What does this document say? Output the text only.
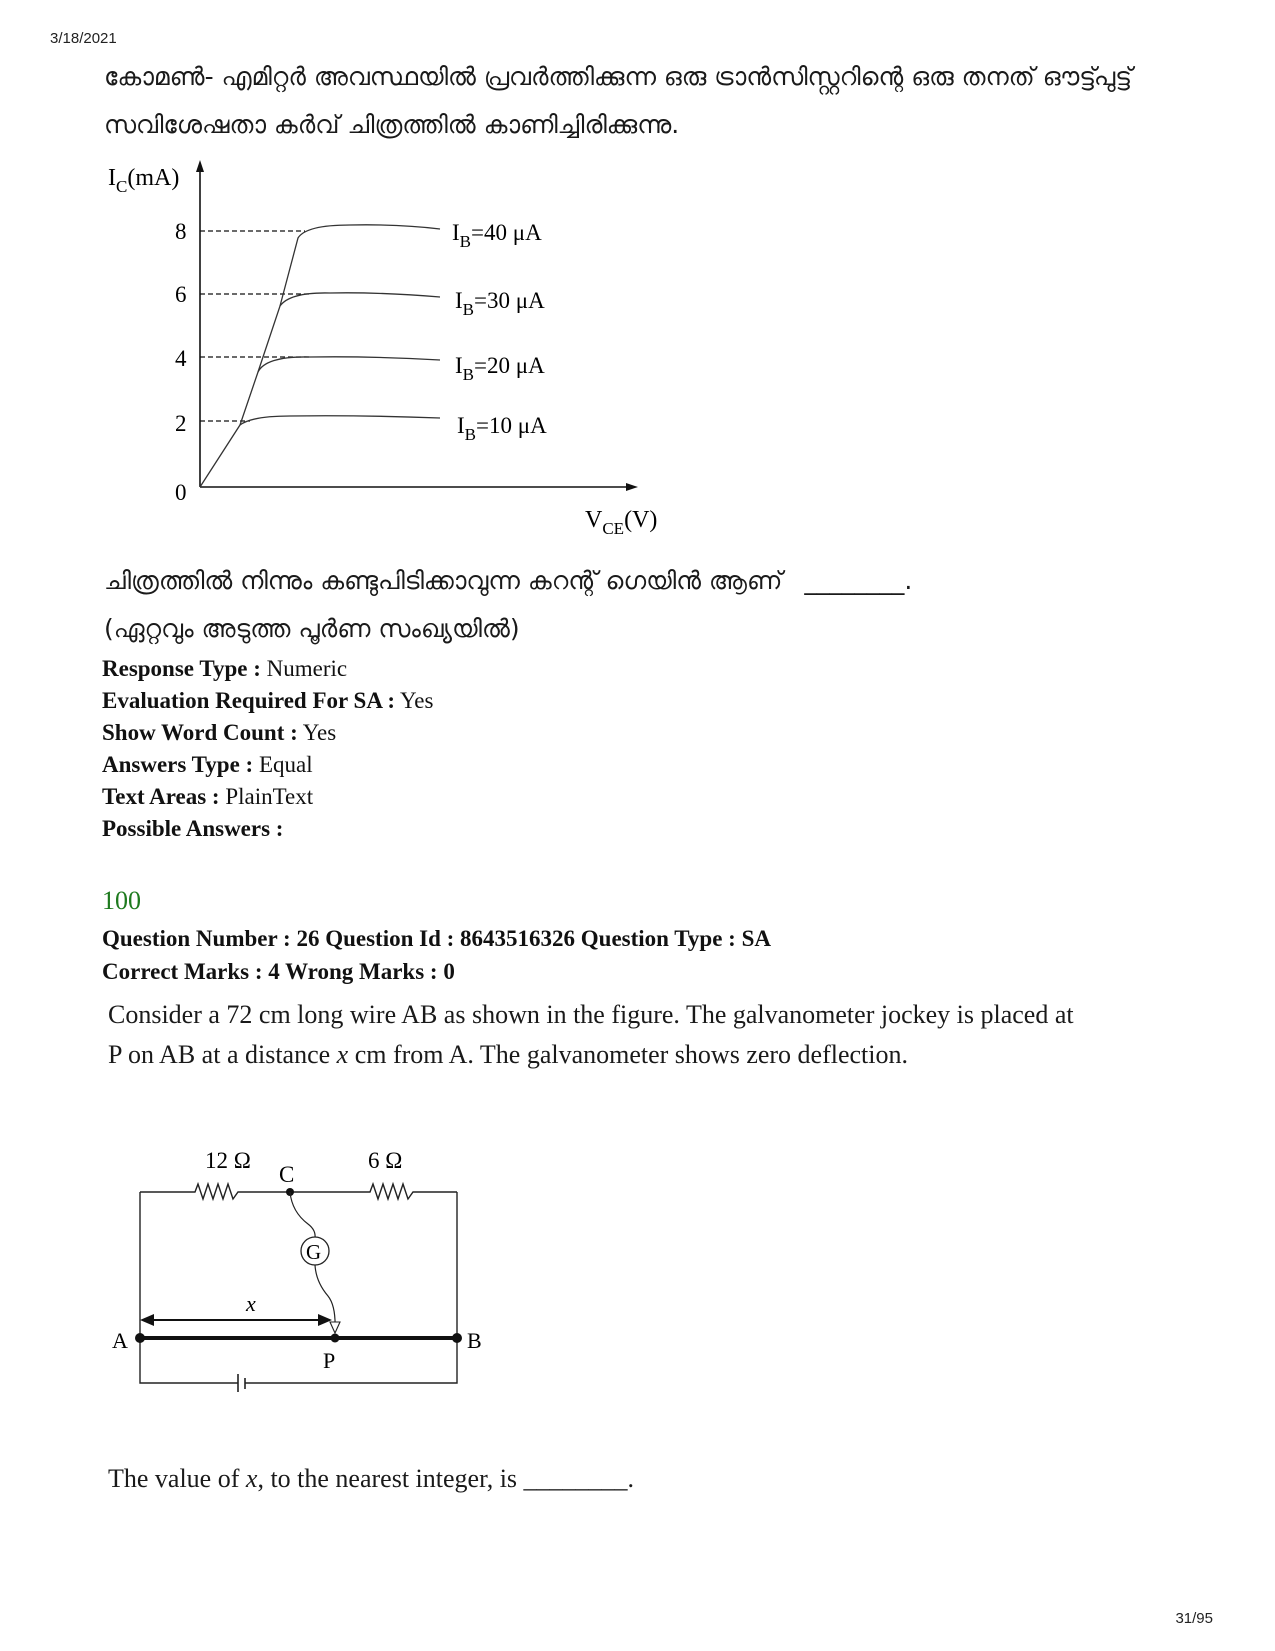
3/18/2021
കോമൺ- എമിറ്റർ അവസ്ഥയിൽ പ്രവർത്തിക്കുന്ന ഒരു ട്രാൻസിസ്റ്ററിന്റെ ഒരു തനത് ഔട്ട്പുട്ട്
സവിശേഷതാ കർവ് ചിത്രത്തിൽ കാണിച്ചിരിക്കുന്നു.
$I_C(mA)$
$V_{CE}(V)$
8
6
4
2
0
$I_B=40$ μA
$I_B=30$ μA
$I_B=20$ μA
$I_B=10$ μA
ചിത്രത്തിൽ നിന്നും കണ്ടുപിടിക്കാവുന്ന കറന്റ് ഗെയിൻ ആണ് ________.
(ഏറ്റവും അടുത്ത പൂർണ സംഖ്യയിൽ)
Response Type : Numeric
Evaluation Required For SA : Yes
Show Word Count : Yes
Answers Type : Equal
Text Areas : PlainText
Possible Answers :
100
Question Number : 26 Question Id : 8643516326 Question Type : SA
Correct Marks : 4 Wrong Marks : 0
Consider a 72 cm long wire AB as shown in the figure. The galvanometer jockey is placed at
P on AB at a distance x cm from A. The galvanometer shows zero deflection.
G
12 Ω	6 Ω
C
x
A	B
P
The value of x, to the nearest integer, is ________.
31/95
